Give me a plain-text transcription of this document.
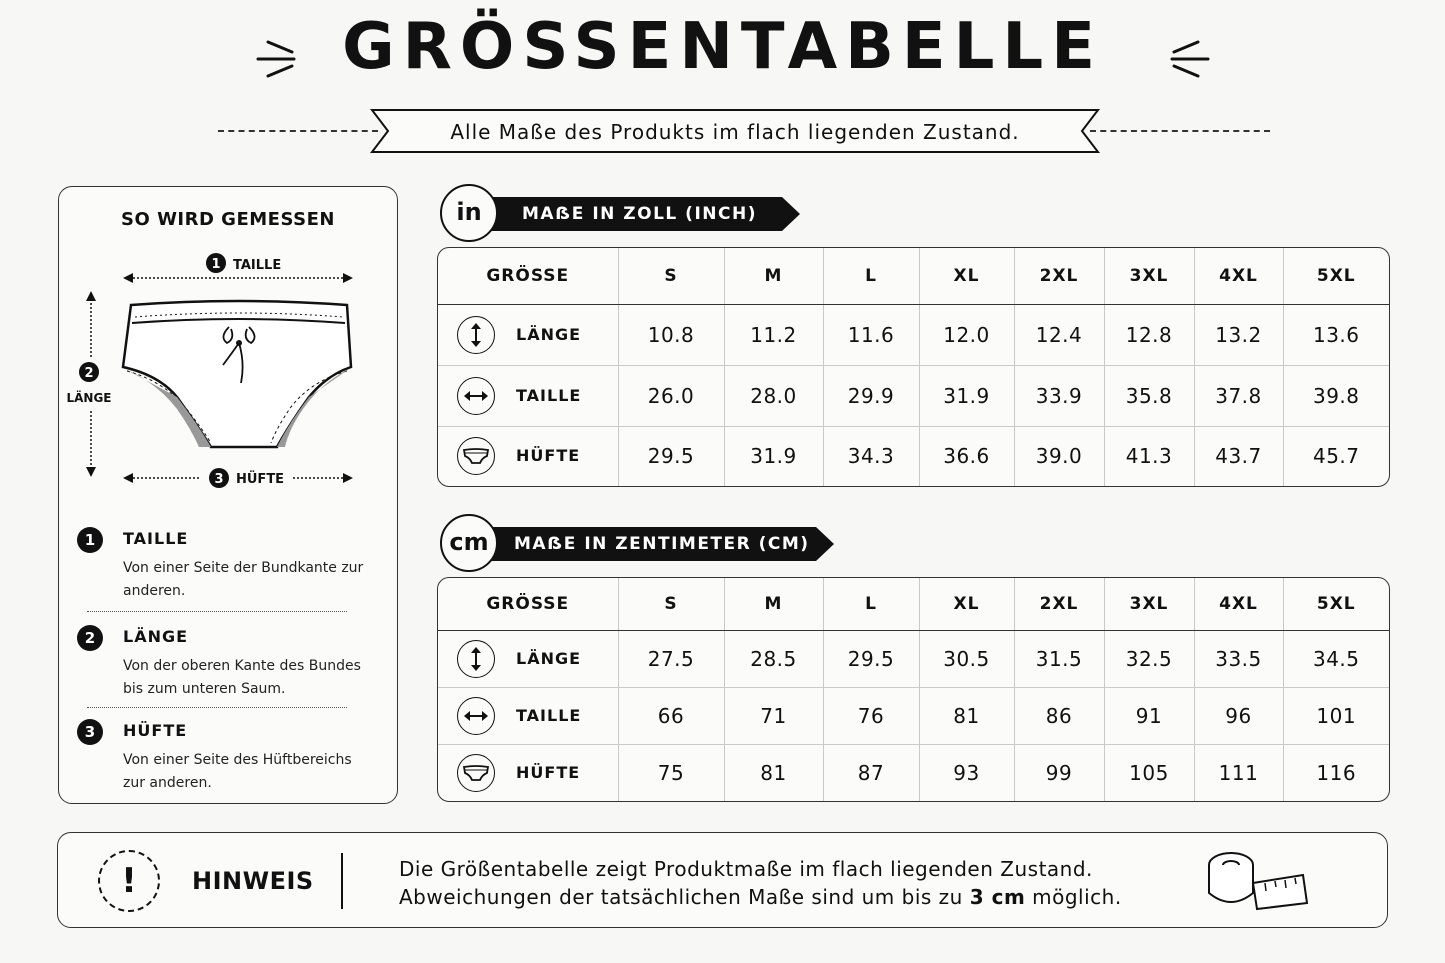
GRÖSSENTABELLE
Alle Maße des Produkts im flach liegenden Zustand.
SO WIRD GEMESSEN
1 TAILLE
2
LÄNGE
3 HÜFTE
1	TAILLE
Von einer Seite der Bundkante zur anderen.
2	LÄNGE
Von der oberen Kante des Bundes bis zum unteren Saum.
3	HÜFTE
Von einer Seite des Hüftbereichs zur anderen.
in	MAẞE IN ZOLL (INCH)
GRÖSSE	S	M	L	XL	2XL	3XL	4XL	5XL

LÄNGE	10.8	11.2	11.6	12.0	12.4	12.8	13.2	13.6

TAILLE	26.0	28.0	29.9	31.9	33.9	35.8	37.8	39.8

HÜFTE	29.5	31.9	34.3	36.6	39.0	41.3	43.7	45.7
cm	MAẞE IN ZENTIMETER (CM)
GRÖSSE	S	M	L	XL	2XL	3XL	4XL	5XL

LÄNGE	27.5	28.5	29.5	30.5	31.5	32.5	33.5	34.5

TAILLE	66	71	76	81	86	91	96	101

HÜFTE	75	81	87	93	99	105	111	116
!	HINWEIS	Die Größentabelle zeigt Produktmaße im flach liegenden Zustand.
Abweichungen der tatsächlichen Maße sind um bis zu 3 cm möglich.
